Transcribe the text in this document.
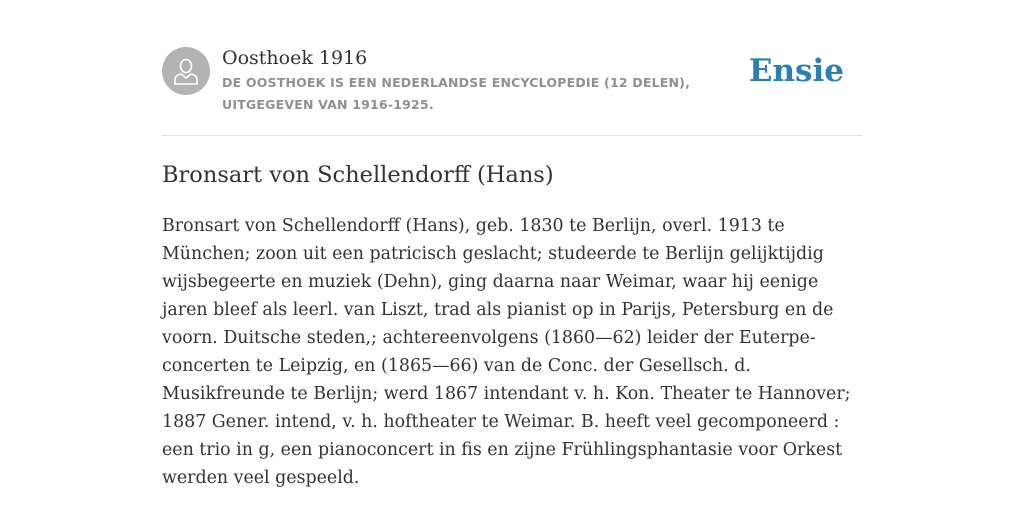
Oosthoek 1916
DE OOSTHOEK IS EEN NEDERLANDSE ENCYCLOPEDIE (12 DELEN), UITGEGEVEN VAN 1916-1925.
Ensie
Bronsart von Schellendorff (Hans)

Bronsart von Schellendorff (Hans), geb. 1830 te Berlijn, overl. 1913 te München; zoon uit een patricisch geslacht; studeerde te Berlijn gelijktijdig wijsbegeerte en muziek (Dehn), ging daarna naar Weimar, waar hij eenige jaren bleef als leerl. van Liszt, trad als pianist op in Parijs, Petersburg en de voorn. Duitsche steden,; achtereenvolgens (1860—62) leider der Euterpe-concerten te Leipzig, en (1865—66) van de Conc. der Gesellsch. d. Musikfreunde te Berlijn; werd 1867 intendant v. h. Kon. Theater te Hannover; 1887 Gener. intend, v. h. hoftheater te Weimar. B. heeft veel gecomponeerd : een trio in g, een pianoconcert in fis en zijne Frühlingsphantasie voor Orkest werden veel gespeeld.
